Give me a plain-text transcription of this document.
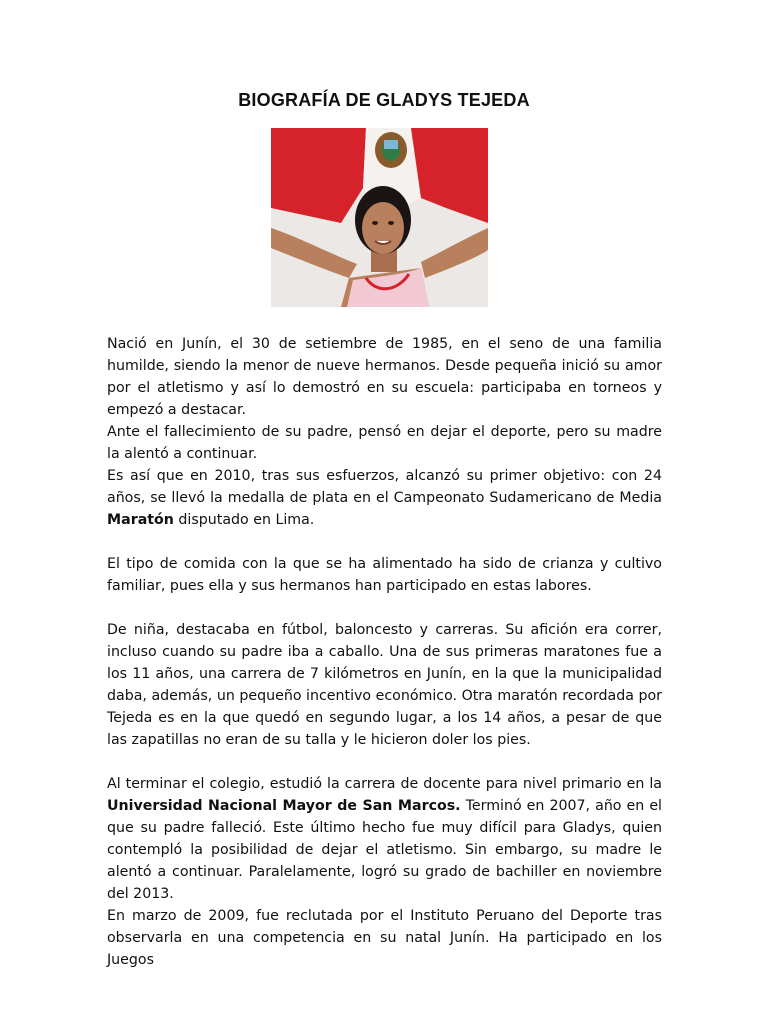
BIOGRAFÍA DE GLADYS TEJEDA

Nació en Junín, el 30 de setiembre de 1985, en el seno de una familia humilde, siendo la menor de nueve hermanos. Desde pequeña inició su amor por el atletismo y así lo demostró en su escuela: participaba en torneos y empezó a destacar.

Ante el fallecimiento de su padre, pensó en dejar el deporte, pero su madre la alentó a continuar.

Es así que en 2010, tras sus esfuerzos, alcanzó su primer objetivo: con 24 años, se llevó la medalla de plata en el Campeonato Sudamericano de Media Maratón disputado en Lima.

El tipo de comida con la que se ha alimentado ha sido de crianza y cultivo familiar, pues ella y sus hermanos han participado en estas labores.

De niña, destacaba en fútbol, baloncesto y carreras. Su afición era correr, incluso cuando su padre iba a caballo. Una de sus primeras maratones fue a los 11 años, una carrera de 7 kilómetros en Junín, en la que la municipalidad daba, además, un pequeño incentivo económico. Otra maratón recordada por Tejeda es en la que quedó en segundo lugar, a los 14 años, a pesar de que las zapatillas no eran de su talla y le hicieron doler los pies.

Al terminar el colegio, estudió la carrera de docente para nivel primario en la Universidad Nacional Mayor de San Marcos. Terminó en 2007, año en el que su padre falleció. Este último hecho fue muy difícil para Gladys, quien contempló la posibilidad de dejar el atletismo. Sin embargo, su madre le alentó a continuar. Paralelamente, logró su grado de bachiller en noviembre del 2013.

En marzo de 2009, fue reclutada por el Instituto Peruano del Deporte tras observarla en una competencia en su natal Junín. Ha participado en los Juegos
